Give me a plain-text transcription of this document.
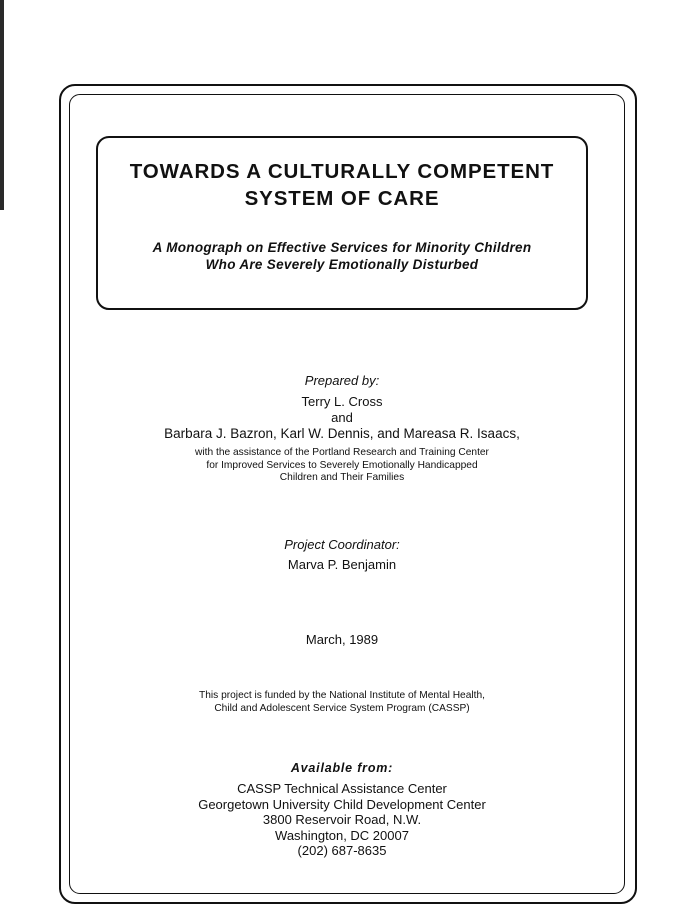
TOWARDS A CULTURALLY COMPETENT
SYSTEM OF CARE
A Monograph on Effective Services for Minority Children
Who Are Severely Emotionally Disturbed
Prepared by:
Terry L. Cross
and
Barbara J. Bazron, Karl W. Dennis, and Mareasa R. Isaacs,
with the assistance of the Portland Research and Training Center
for Improved Services to Severely Emotionally Handicapped
Children and Their Families
Project Coordinator:
Marva P. Benjamin
March, 1989
This project is funded by the National Institute of Mental Health,
Child and Adolescent Service System Program (CASSP)
Available from:
CASSP Technical Assistance Center
Georgetown University Child Development Center
3800 Reservoir Road, N.W.
Washington, DC 20007
(202) 687-8635
